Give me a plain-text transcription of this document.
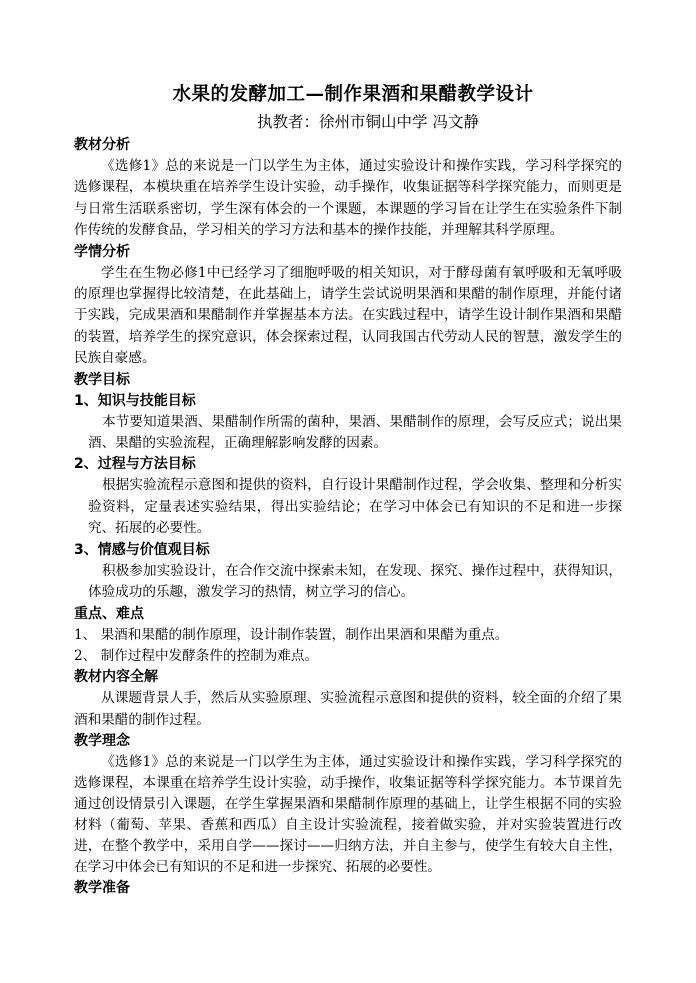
水果的发酵加工—制作果酒和果醋教学设计
执教者：徐州市铜山中学 冯文静
教材分析
《选修1》总的来说是一门以学生为主体，通过实验设计和操作实践，学习科学探究的选修课程，本模块重在培养学生设计实验，动手操作，收集证据等科学探究能力，而则更是与日常生活联系密切，学生深有体会的一个课题，本课题的学习旨在让学生在实验条件下制作传统的发酵食品，学习相关的学习方法和基本的操作技能，并理解其科学原理。
学情分析
学生在生物必修1中已经学习了细胞呼吸的相关知识，对于酵母菌有氧呼吸和无氧呼吸的原理也掌握得比较清楚，在此基础上，请学生尝试说明果酒和果醋的制作原理，并能付诸于实践，完成果酒和果醋制作并掌握基本方法。在实践过程中，请学生设计制作果酒和果醋的装置，培养学生的探究意识，体会探索过程，认同我国古代劳动人民的智慧，激发学生的民族自豪感。
教学目标
1、知识与技能目标
本节要知道果酒、果醋制作所需的菌种，果酒、果醋制作的原理，会写反应式；说出果酒、果醋的实验流程，正确理解影响发酵的因素。
2、过程与方法目标
根据实验流程示意图和提供的资料，自行设计果醋制作过程，学会收集、整理和分析实验资料，定量表述实验结果，得出实验结论；在学习中体会已有知识的不足和进一步探究、拓展的必要性。
3、情感与价值观目标
积极参加实验设计，在合作交流中探索未知，在发现、探究、操作过程中，获得知识，体验成功的乐趣，激发学习的热情，树立学习的信心。
重点、难点
1、 果酒和果醋的制作原理，设计制作装置，制作出果酒和果醋为重点。
2、 制作过程中发酵条件的控制为难点。
教材内容全解
从课题背景人手，然后从实验原理、实验流程示意图和提供的资料，较全面的介绍了果酒和果醋的制作过程。
教学理念
《选修1》总的来说是一门以学生为主体，通过实验设计和操作实践，学习科学探究的选修课程，本课重在培养学生设计实验，动手操作，收集证据等科学探究能力。本节课首先通过创设情景引入课题，在学生掌握果酒和果醋制作原理的基础上，让学生根据不同的实验材料（葡萄、苹果、香蕉和西瓜）自主设计实验流程，接着做实验，并对实验装置进行改进，在整个教学中，采用自学——探讨——归纳方法，并自主参与，使学生有较大自主性，在学习中体会已有知识的不足和进一步探究、拓展的必要性。
教学准备
